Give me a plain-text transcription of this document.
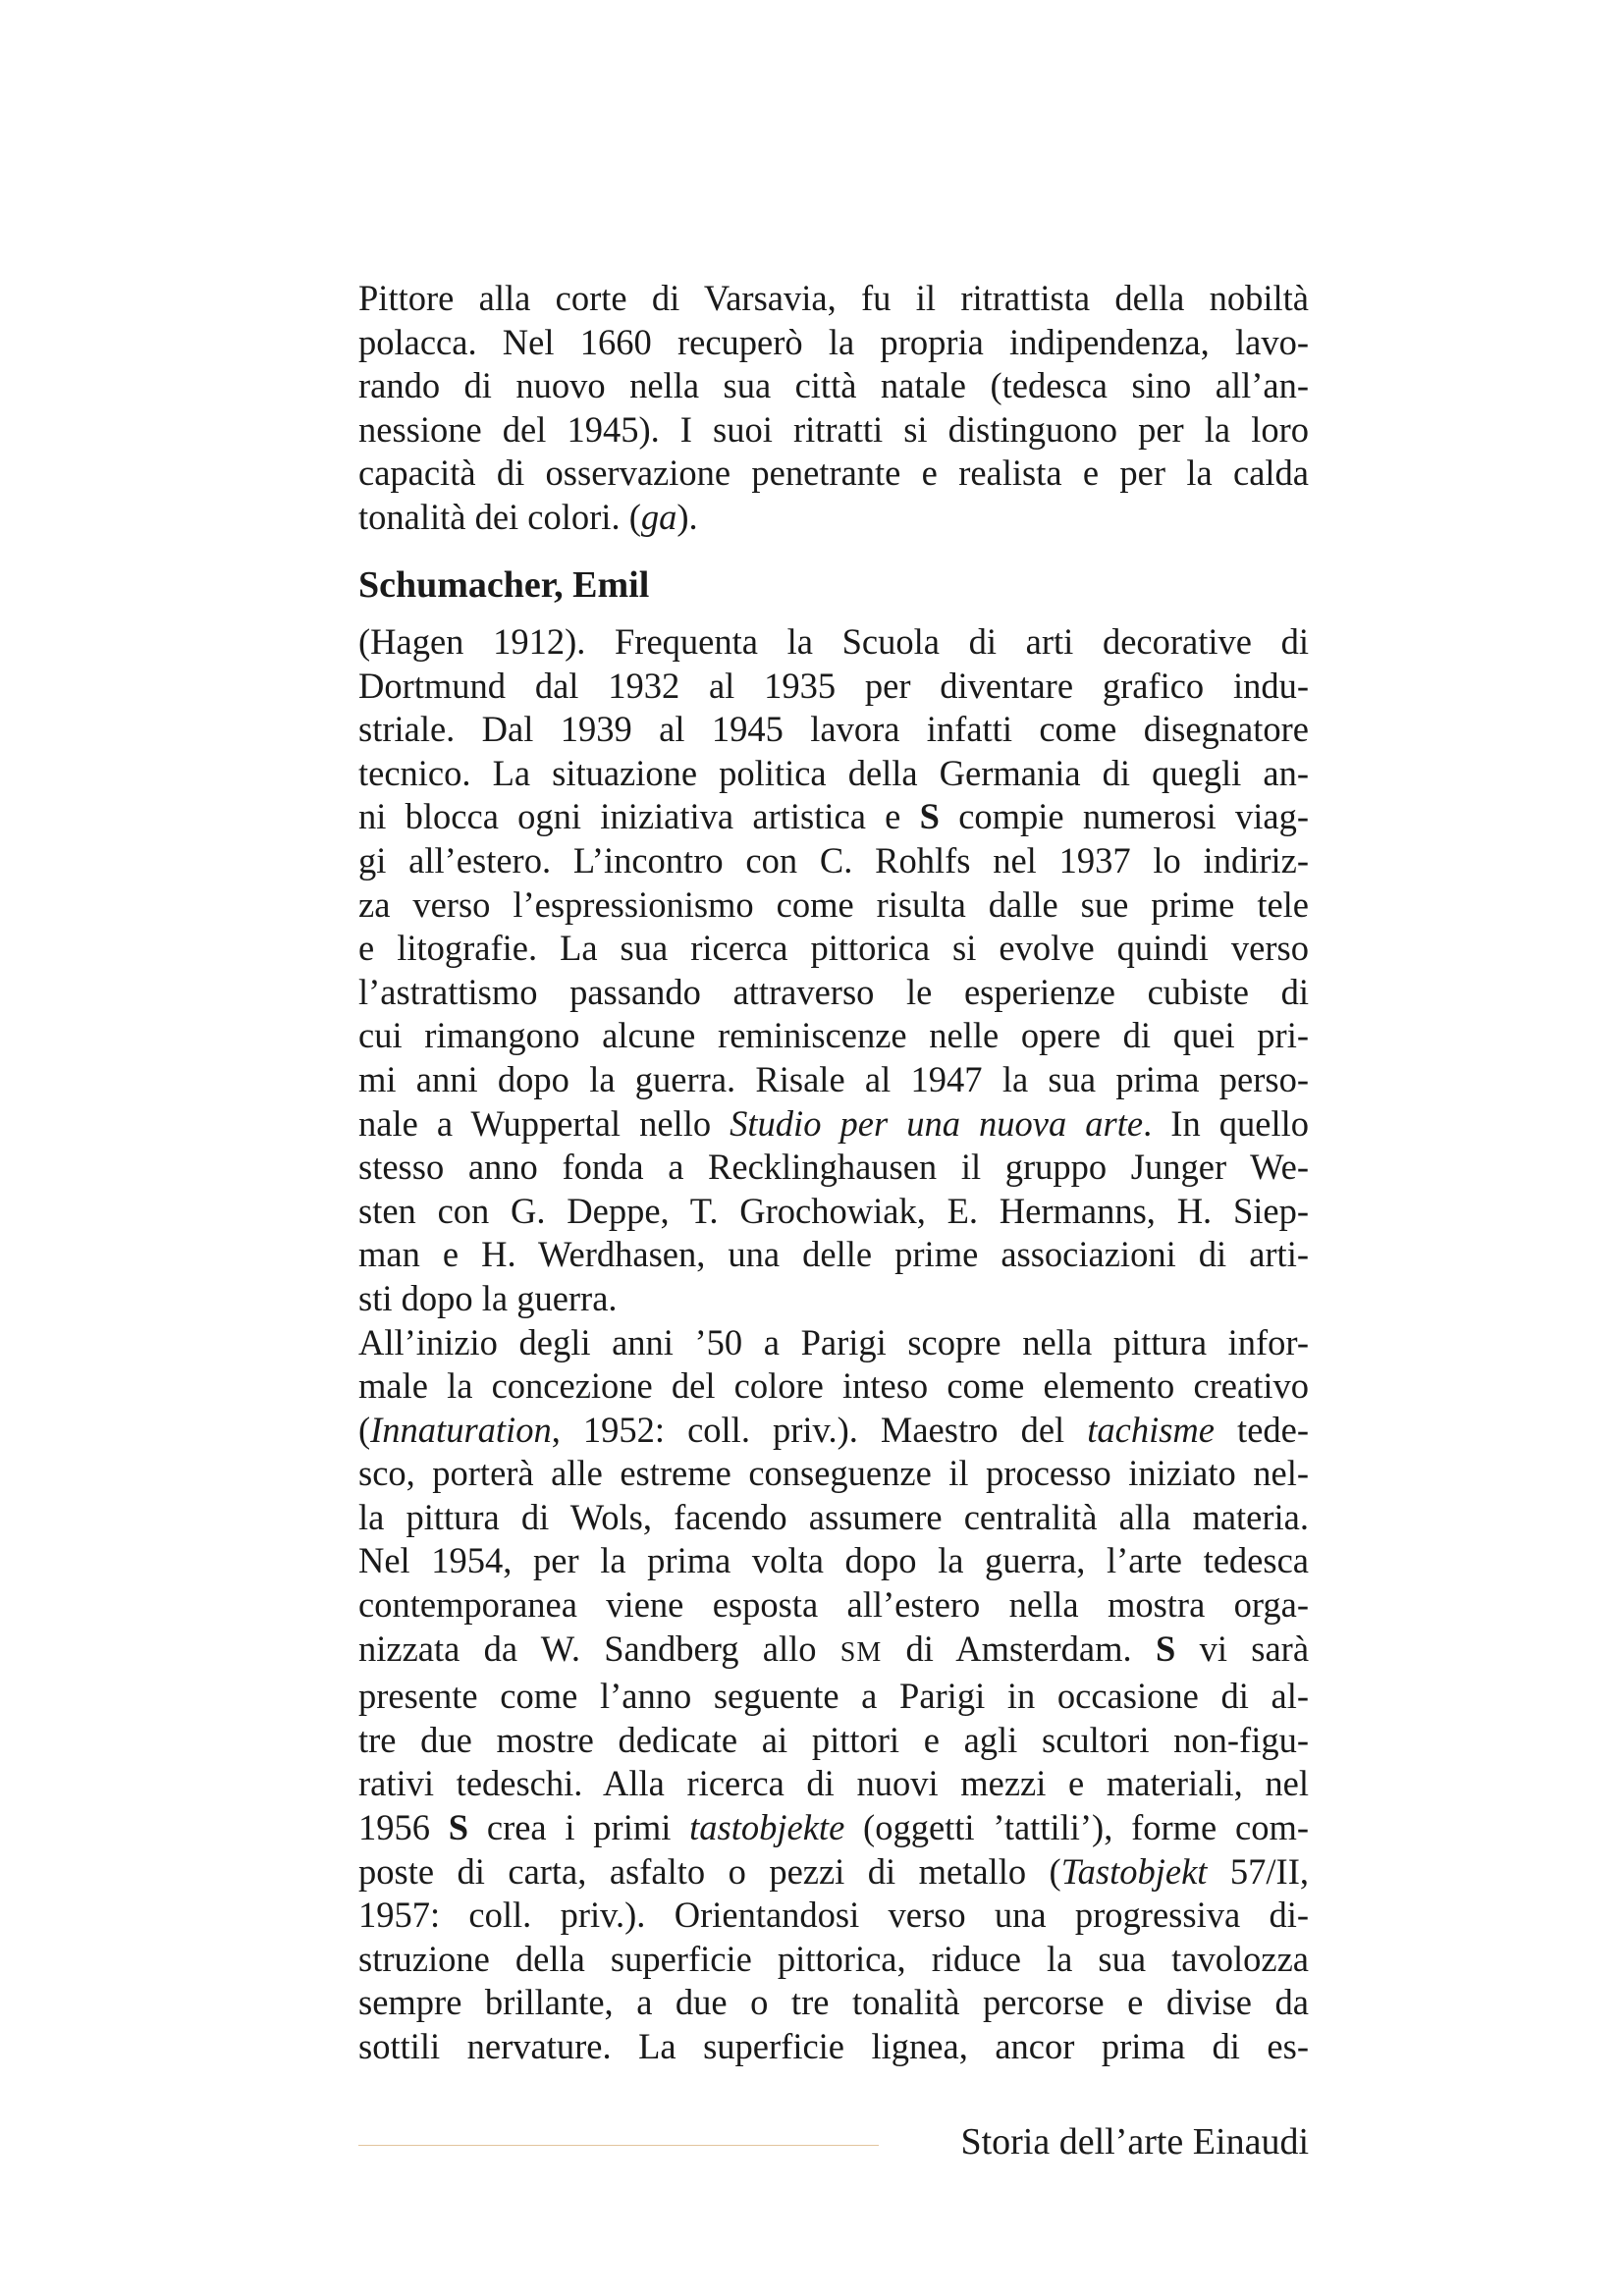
Pittore alla corte di Varsavia, fu il ritrattista della nobiltà
polacca. Nel 1660 recuperò la propria indipendenza, lavo-
rando di nuovo nella sua città natale (tedesca sino all’an-
nessione del 1945). I suoi ritratti si distinguono per la loro
capacità di osservazione penetrante e realista e per la calda
tonalità dei colori. (ga).
Schumacher, Emil
(Hagen 1912). Frequenta la Scuola di arti decorative di
Dortmund dal 1932 al 1935 per diventare grafico indu-
striale. Dal 1939 al 1945 lavora infatti come disegnatore
tecnico. La situazione politica della Germania di quegli an-
ni blocca ogni iniziativa artistica e S compie numerosi viag-
gi all’estero. L’incontro con C. Rohlfs nel 1937 lo indiriz-
za verso l’espressionismo come risulta dalle sue prime tele
e litografie. La sua ricerca pittorica si evolve quindi verso
l’astrattismo passando attraverso le esperienze cubiste di
cui rimangono alcune reminiscenze nelle opere di quei pri-
mi anni dopo la guerra. Risale al 1947 la sua prima perso-
nale a Wuppertal nello Studio per una nuova arte. In quello
stesso anno fonda a Recklinghausen il gruppo Junger We-
sten con G. Deppe, T. Grochowiak, E. Hermanns, H. Siep-
man e H. Werdhasen, una delle prime associazioni di arti-
sti dopo la guerra.
All’inizio degli anni ’50 a Parigi scopre nella pittura infor-
male la concezione del colore inteso come elemento creativo
(Innaturation, 1952: coll. priv.). Maestro del tachisme tede-
sco, porterà alle estreme conseguenze il processo iniziato nel-
la pittura di Wols, facendo assumere centralità alla materia.
Nel 1954, per la prima volta dopo la guerra, l’arte tedesca
contemporanea viene esposta all’estero nella mostra orga-
nizzata da W. Sandberg allo SM di Amsterdam. S vi sarà
presente come l’anno seguente a Parigi in occasione di al-
tre due mostre dedicate ai pittori e agli scultori non-figu-
rativi tedeschi. Alla ricerca di nuovi mezzi e materiali, nel
1956 S crea i primi tastobjekte (oggetti ’tattili’), forme com-
poste di carta, asfalto o pezzi di metallo (Tastobjekt 57/II,
1957: coll. priv.). Orientandosi verso una progressiva di-
struzione della superficie pittorica, riduce la sua tavolozza
sempre brillante, a due o tre tonalità percorse e divise da
sottili nervature. La superficie lignea, ancor prima di es-

Storia dell’arte Einaudi
